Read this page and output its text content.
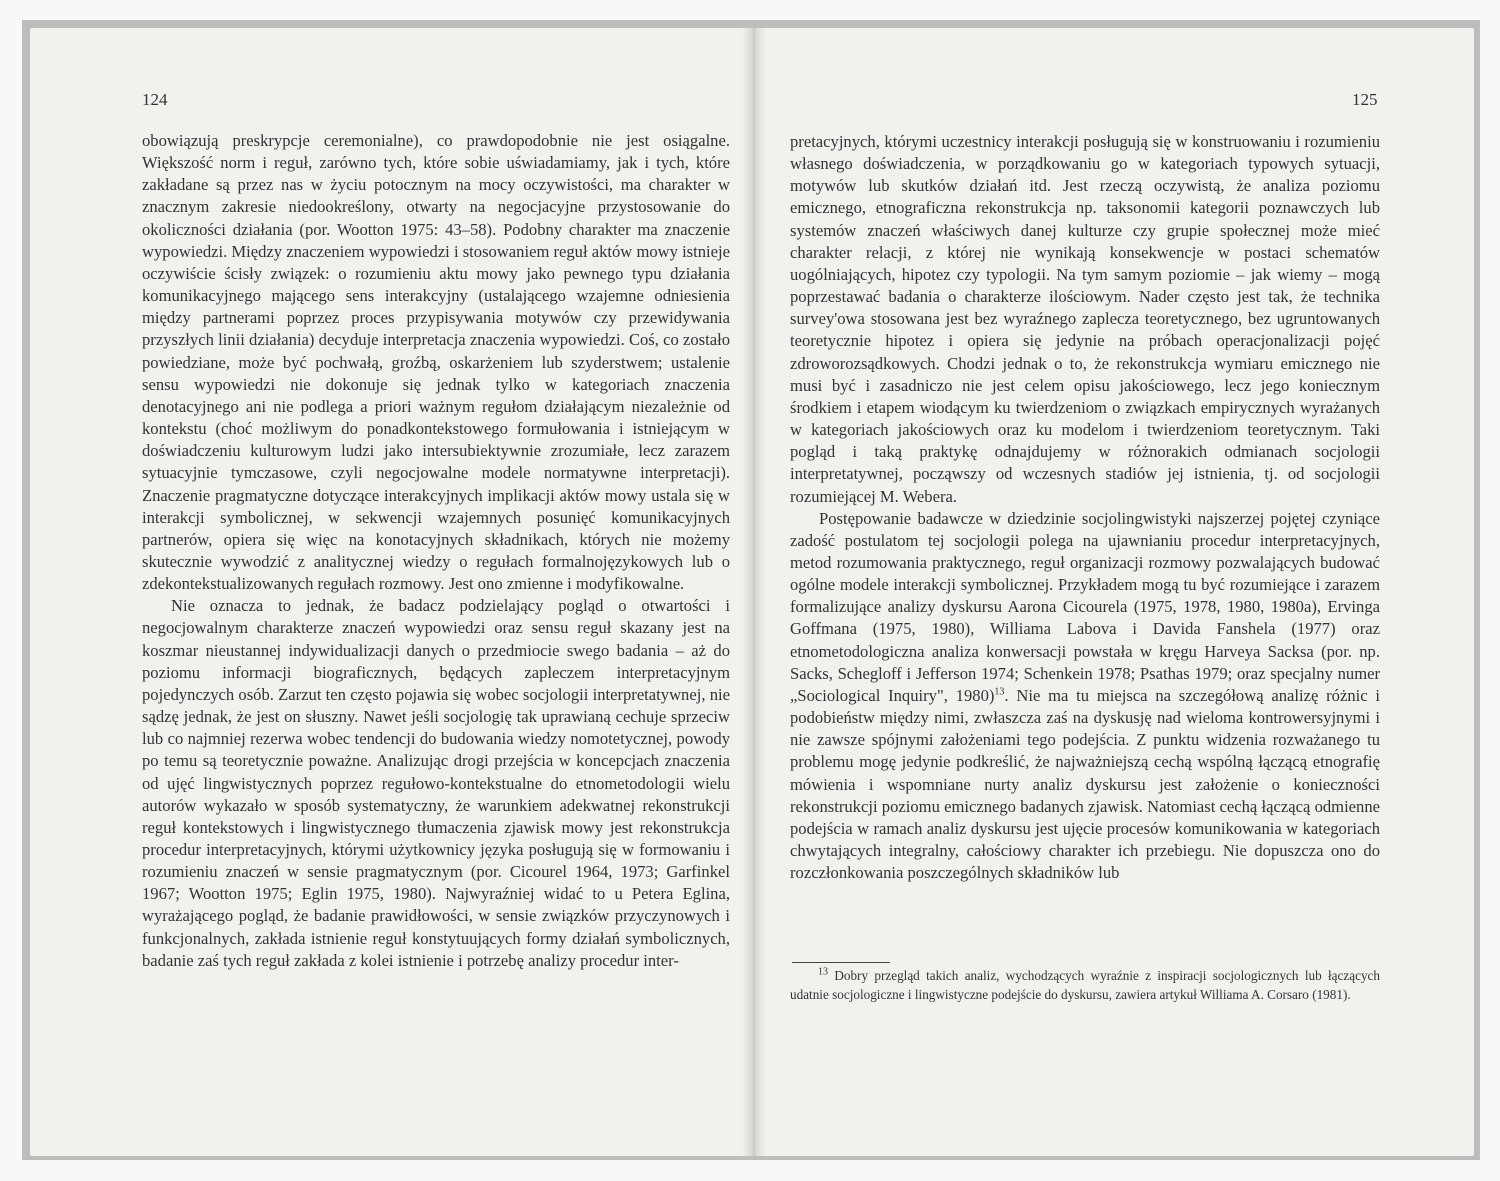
124	125

obowiązują preskrypcje ceremonialne), co prawdopodobnie nie jest osiągalne. Większość norm i reguł, zarówno tych, które sobie uświadamiamy, jak i tych, które zakładane są przez nas w życiu potocznym na mocy oczywistości, ma charakter w znacznym zakresie niedookreślony, otwarty na negocjacyjne przystosowanie do okoliczności działania (por. Wootton 1975: 43–58). Podobny charakter ma znaczenie wypowiedzi. Między znaczeniem wypowiedzi i stosowaniem reguł aktów mowy istnieje oczywiście ścisły związek: o rozumieniu aktu mowy jako pewnego typu działania komunikacyjnego mającego sens interakcyjny (ustalającego wzajemne odniesienia między partnerami poprzez proces przypisywania motywów czy przewidywania przyszłych linii działania) decyduje interpretacja znaczenia wypowiedzi. Coś, co zostało powiedziane, może być pochwałą, groźbą, oskarżeniem lub szyderstwem; ustalenie sensu wypowiedzi nie dokonuje się jednak tylko w kategoriach znaczenia denotacyjnego ani nie podlega a priori ważnym regułom działającym niezależnie od kontekstu (choć możliwym do ponadkontekstowego formułowania i istniejącym w doświadczeniu kulturowym ludzi jako intersubiektywnie zrozumiałe, lecz zarazem sytuacyjnie tymczasowe, czyli negocjowalne modele normatywne interpretacji). Znaczenie pragmatyczne dotyczące interakcyjnych implikacji aktów mowy ustala się w interakcji symbolicznej, w sekwencji wzajemnych posunięć komunikacyjnych partnerów, opiera się więc na konotacyjnych składnikach, których nie możemy skutecznie wywodzić z analitycznej wiedzy o regułach formalnojęzykowych lub o zdekontekstualizowanych regułach rozmowy. Jest ono zmienne i modyfikowalne.

Nie oznacza to jednak, że badacz podzielający pogląd o otwartości i negocjowalnym charakterze znaczeń wypowiedzi oraz sensu reguł skazany jest na koszmar nieustannej indywidualizacji danych o przedmiocie swego badania – aż do poziomu informacji biograficznych, będących zapleczem interpretacyjnym pojedynczych osób. Zarzut ten często pojawia się wobec socjologii interpretatywnej, nie sądzę jednak, że jest on słuszny. Nawet jeśli socjologię tak uprawianą cechuje sprzeciw lub co najmniej rezerwa wobec tendencji do budowania wiedzy nomotetycznej, powody po temu są teoretycznie poważne. Analizując drogi przejścia w koncepcjach znaczenia od ujęć lingwistycznych poprzez regułowo-kontekstualne do etnometodologii wielu autorów wykazało w sposób systematyczny, że warunkiem adekwatnej rekonstrukcji reguł kontekstowych i lingwistycznego tłumaczenia zjawisk mowy jest rekonstrukcja procedur interpretacyjnych, którymi użytkownicy języka posługują się w formowaniu i rozumieniu znaczeń w sensie pragmatycznym (por. Cicourel 1964, 1973; Garfinkel 1967; Wootton 1975; Eglin 1975, 1980). Najwyraźniej widać to u Petera Eglina, wyrażającego pogląd, że badanie prawidłowości, w sensie związków przyczynowych i funkcjonalnych, zakłada istnienie reguł konstytuujących formy działań symbolicznych, badanie zaś tych reguł zakłada z kolei istnienie i potrzebę analizy procedur inter-

pretacyjnych, którymi uczestnicy interakcji posługują się w konstruowaniu i rozumieniu własnego doświadczenia, w porządkowaniu go w kategoriach typowych sytuacji, motywów lub skutków działań itd. Jest rzeczą oczywistą, że analiza poziomu emicznego, etnograficzna rekonstrukcja np. taksonomii kategorii poznawczych lub systemów znaczeń właściwych danej kulturze czy grupie społecznej może mieć charakter relacji, z której nie wynikają konsekwencje w postaci schematów uogólniających, hipotez czy typologii. Na tym samym poziomie – jak wiemy – mogą poprzestawać badania o charakterze ilościowym. Nader często jest tak, że technika survey'owa stosowana jest bez wyraźnego zaplecza teoretycznego, bez ugruntowanych teoretycznie hipotez i opiera się jedynie na próbach operacjonalizacji pojęć zdroworozsądkowych. Chodzi jednak o to, że rekonstrukcja wymiaru emicznego nie musi być i zasadniczo nie jest celem opisu jakościowego, lecz jego koniecznym środkiem i etapem wiodącym ku twierdzeniom o związkach empirycznych wyrażanych w kategoriach jakościowych oraz ku modelom i twierdzeniom teoretycznym. Taki pogląd i taką praktykę odnajdujemy w różnorakich odmianach socjologii interpretatywnej, począwszy od wczesnych stadiów jej istnienia, tj. od socjologii rozumiejącej M. Webera.

Postępowanie badawcze w dziedzinie socjolingwistyki najszerzej pojętej czyniące zadość postulatom tej socjologii polega na ujawnianiu procedur interpretacyjnych, metod rozumowania praktycznego, reguł organizacji rozmowy pozwalających budować ogólne modele interakcji symbolicznej. Przykładem mogą tu być rozumiejące i zarazem formalizujące analizy dyskursu Aarona Cicourela (1975, 1978, 1980, 1980a), Ervinga Goffmana (1975, 1980), Williama Labova i Davida Fanshela (1977) oraz etnometodologiczna analiza konwersacji powstała w kręgu Harveya Sacksa (por. np. Sacks, Schegloff i Jefferson 1974; Schenkein 1978; Psathas 1979; oraz specjalny numer „Sociological Inquiry", 1980)$^{13}$. Nie ma tu miejsca na szczegółową analizę różnic i podobieństw między nimi, zwłaszcza zaś na dyskusję nad wieloma kontrowersyjnymi i nie zawsze spójnymi założeniami tego podejścia. Z punktu widzenia rozważanego tu problemu mogę jedynie podkreślić, że najważniejszą cechą wspólną łączącą etnografię mówienia i wspomniane nurty analiz dyskursu jest założenie o konieczności rekonstrukcji poziomu emicznego badanych zjawisk. Natomiast cechą łączącą odmienne podejścia w ramach analiz dyskursu jest ujęcie procesów komunikowania w kategoriach chwytających integralny, całościowy charakter ich przebiegu. Nie dopuszcza ono do rozczłonkowania poszczególnych składników lub

$^{13}$ Dobry przegląd takich analiz, wychodzących wyraźnie z inspiracji socjologicznych lub łączących udatnie socjologiczne i lingwistyczne podejście do dyskursu, zawiera artykuł Williama A. Corsaro (1981).
